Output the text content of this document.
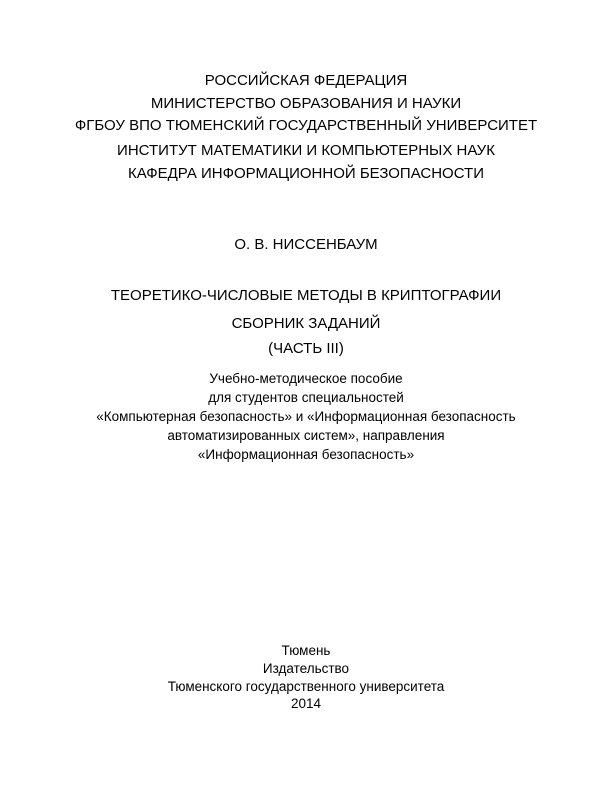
РОССИЙСКАЯ ФЕДЕРАЦИЯ
МИНИСТЕРСТВО ОБРАЗОВАНИЯ И НАУКИ
ФГБОУ ВПО ТЮМЕНСКИЙ ГОСУДАРСТВЕННЫЙ УНИВЕРСИТЕТ
ИНСТИТУТ МАТЕМАТИКИ И КОМПЬЮТЕРНЫХ НАУК
КАФЕДРА ИНФОРМАЦИОННОЙ БЕЗОПАСНОСТИ
О. В. НИССЕНБАУМ
ТЕОРЕТИКО-ЧИСЛОВЫЕ МЕТОДЫ В КРИПТОГРАФИИ
СБОРНИК ЗАДАНИЙ
(ЧАСТЬ III)
Учебно-методическое пособие
для студентов специальностей
«Компьютерная безопасность» и «Информационная безопасность
автоматизированных систем», направления
«Информационная безопасность»
Тюмень
Издательство
Тюменского государственного университета
2014
